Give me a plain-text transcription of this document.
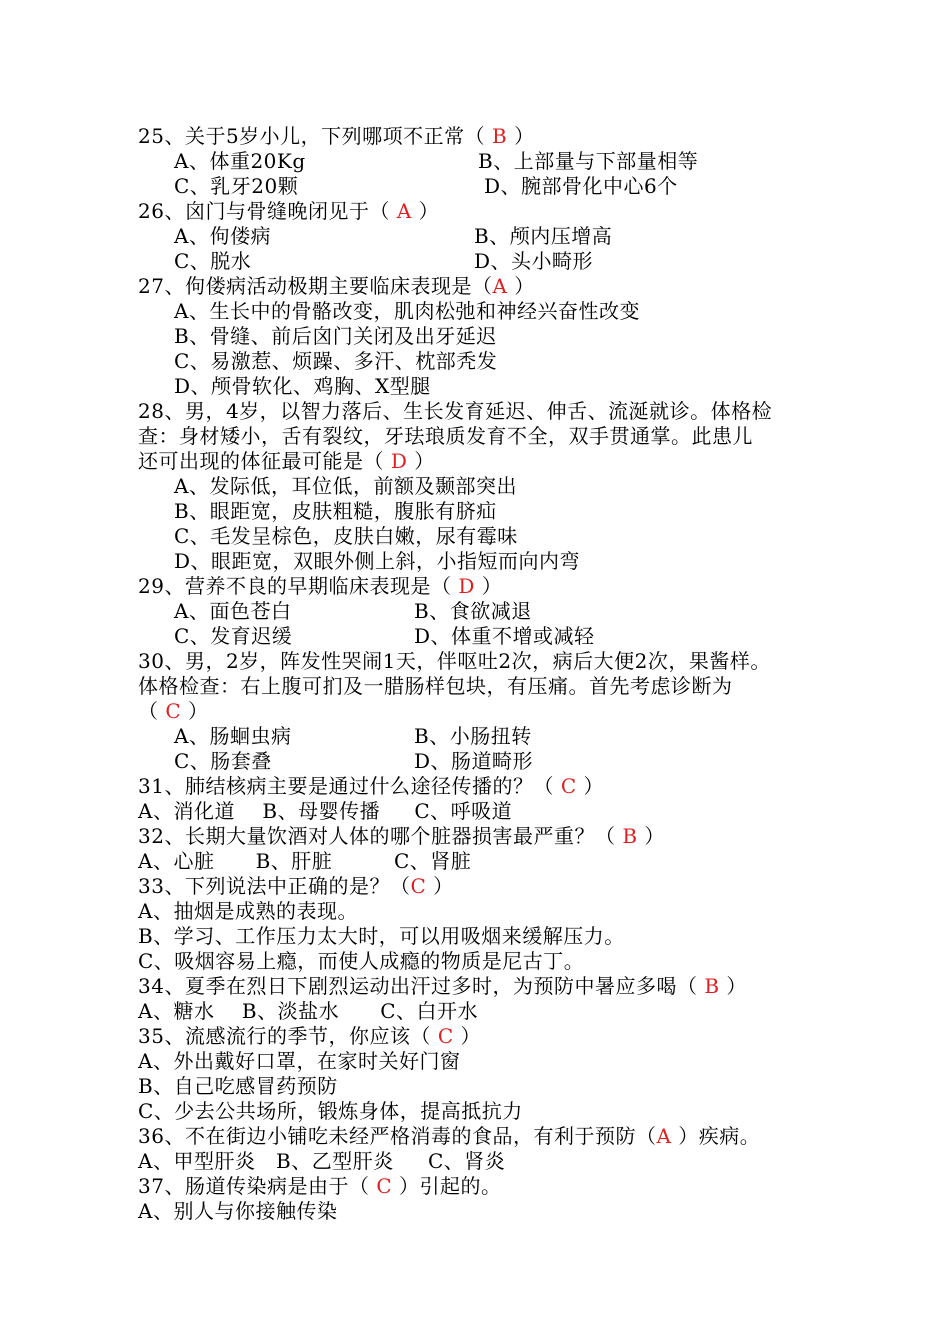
25、关于5岁小儿，下列哪项不正常（ B ）
A、体重20Kg	B、上部量与下部量相等
C、乳牙20颗	D、腕部骨化中心6个
26、囟门与骨缝晚闭见于（ A ）
A、佝偻病	B、颅内压增高
C、脱水	D、头小畸形
27、佝偻病活动极期主要临床表现是（A ）
A、生长中的骨骼改变，肌肉松弛和神经兴奋性改变
B、骨缝、前后囟门关闭及出牙延迟
C、易激惹、烦躁、多汗、枕部秃发
D、颅骨软化、鸡胸、X型腿
28、男，4岁，以智力落后、生长发育延迟、伸舌、流涎就诊。体格检
查：身材矮小，舌有裂纹，牙珐琅质发育不全，双手贯通掌。此患儿
还可出现的体征最可能是（ D ）
A、发际低，耳位低，前额及颞部突出
B、眼距宽，皮肤粗糙，腹胀有脐疝
C、毛发呈棕色，皮肤白嫩，尿有霉味
D、眼距宽，双眼外侧上斜，小指短而向内弯
29、营养不良的早期临床表现是（ D ）
A、面色苍白	B、食欲减退
C、发育迟缓	D、体重不增或减轻
30、男，2岁，阵发性哭闹1天，伴呕吐2次，病后大便2次，果酱样。
体格检查：右上腹可扪及一腊肠样包块，有压痛。首先考虑诊断为
（ C ）
A、肠蛔虫病	B、小肠扭转
C、肠套叠	D、肠道畸形
31、肺结核病主要是通过什么途径传播的？（ C ）
A、消化道    B、母婴传播     C、呼吸道
32、长期大量饮酒对人体的哪个脏器损害最严重？（ B ）
A、心脏      B、肝脏         C、肾脏
33、下列说法中正确的是？（C ）
A、抽烟是成熟的表现。
B、学习、工作压力太大时，可以用吸烟来缓解压力。
C、吸烟容易上瘾，而使人成瘾的物质是尼古丁。
34、夏季在烈日下剧烈运动出汗过多时，为预防中暑应多喝（ B ）
A、糖水    B、淡盐水      C、白开水
35、流感流行的季节，你应该（ C ）
A、外出戴好口罩，在家时关好门窗
B、自己吃感冒药预防
C、少去公共场所，锻炼身体，提高抵抗力
36、不在街边小铺吃未经严格消毒的食品，有利于预防（A ）疾病。
A、甲型肝炎   B、乙型肝炎     C、肾炎
37、肠道传染病是由于（ C ）引起的。
A、别人与你接触传染
